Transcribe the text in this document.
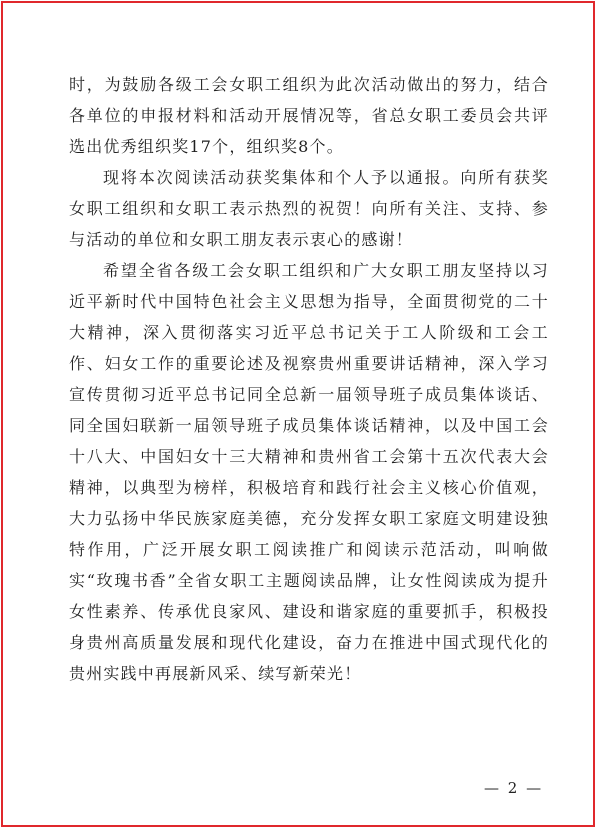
时，为鼓励各级工会女职工组织为此次活动做出的努力，结合各单位的申报材料和活动开展情况等，省总女职工委员会共评选出优秀组织奖17个，组织奖8个。

现将本次阅读活动获奖集体和个人予以通报。向所有获奖女职工组织和女职工表示热烈的祝贺！向所有关注、支持、参与活动的单位和女职工朋友表示衷心的感谢！

希望全省各级工会女职工组织和广大女职工朋友坚持以习近平新时代中国特色社会主义思想为指导，全面贯彻党的二十大精神，深入贯彻落实习近平总书记关于工人阶级和工会工作、妇女工作的重要论述及视察贵州重要讲话精神，深入学习宣传贯彻习近平总书记同全总新一届领导班子成员集体谈话、同全国妇联新一届领导班子成员集体谈话精神，以及中国工会十八大、中国妇女十三大精神和贵州省工会第十五次代表大会精神，以典型为榜样，积极培育和践行社会主义核心价值观，大力弘扬中华民族家庭美德，充分发挥女职工家庭文明建设独特作用，广泛开展女职工阅读推广和阅读示范活动，叫响做实“玫瑰书香”全省女职工主题阅读品牌，让女性阅读成为提升女性素养、传承优良家风、建设和谐家庭的重要抓手，积极投身贵州高质量发展和现代化建设，奋力在推进中国式现代化的贵州实践中再展新风采、续写新荣光！

— 2 —
